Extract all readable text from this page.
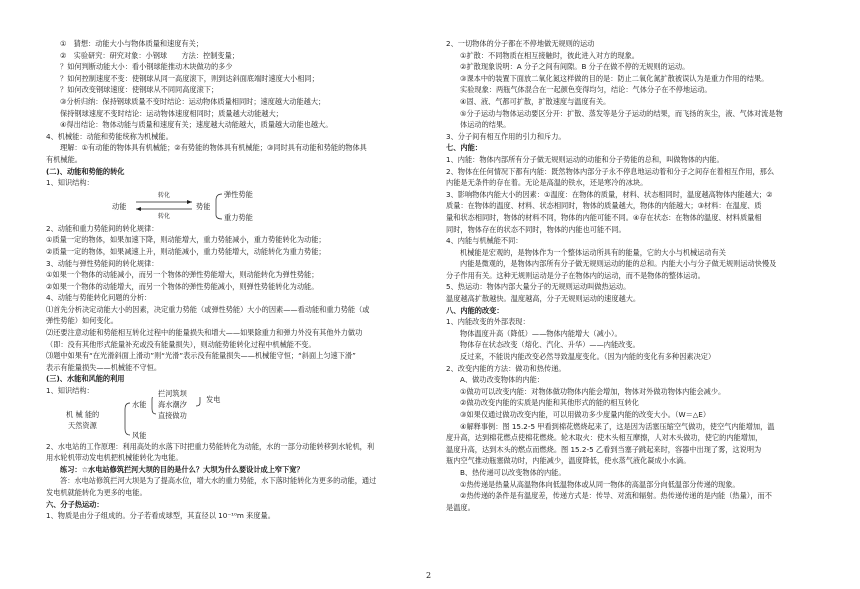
①　猜想：动能大小与物体质量和速度有关；
②　实验研究：研究对象：小钢球　　方法：控制变量；
？如何判断动能大小：看小钢球能推动木块做功的多少
？如何控制速度不变：使钢球从同一高度滚下，则到达斜面底端时速度大小相同；
？如何改变钢球速度：使钢球从不同同高度滚下；
③分析归纳：保持钢球质量不变时结论：运动物体质量相同时；速度越大动能越大；
保持钢球速度不变时结论：运动物体速度相同时；质量越大动能越大；
④得出结论：物体动能与质量和速度有关；速度越大动能越大，质量越大动能也越大。
4、机械能：动能和势能统称为机械能。
理解：①有动能的物体具有机械能；②有势能的物体具有机械能；③同时具有动能和势能的物体具
有机械能。
(二)、动能和势能的转化
1、知识结构：
动能
转化
转化
势能
弹性势能
重力势能
2、动能和重力势能间的转化规律：
①质量一定的物体，如果加速下降，则动能增大，重力势能减小，重力势能转化为动能；
②质量一定的物体，如果减速上升，则动能减小，重力势能增大，动能转化为重力势能；
3、动能与弹性势能间的转化规律：
①如果一个物体的动能减小，而另一个物体的弹性势能增大，则动能转化为弹性势能；
②如果一个物体的动能增大，而另一个物体的弹性势能减小，则弹性势能转化为动能。
4、动能与势能转化问题的分析：
⑴首先分析决定动能大小的因素，决定重力势能（或弹性势能）大小的因素——看动能和重力势能（或
弹性势能）如何变化。
⑵还要注意动能和势能相互转化过程中的能量损失和增大——如果除重力和弹力外没有其他外力做功
（即：没有其他形式能量补充或没有能量损失），则动能势能转化过程中机械能不变。
⑶题中如果有“在光滑斜面上滑动”则“光滑”表示没有能量损失——机械能守恒；“斜面上匀速下滑”
表示有能量损失——机械能不守恒。
(三)、水能和风能的利用
1、知识结构：
机 械 能 的
天然资源
水能
风能
拦河筑坝
海水潮汐
直接做功
发电
2、水电站的工作原理：利用高处的水落下时把重力势能转化为动能，水的一部分动能转移到水轮机，利
用水轮机带动发电机把机械能转化为电能。
练习：☆水电站修筑拦河大坝的目的是什么？大坝为什么要设计成上窄下宽？
答：水电站修筑拦河大坝是为了提高水位，增大水的重力势能，水下落时能转化为更多的动能，通过
发电机就能转化为更多的电能。
六、分子热运动：
1、物质是由分子组成的。分子若看成球型，其直径以 10⁻¹⁰m 来度量。
2、一切物体的分子都在不停地做无规则的运动
①扩散：不同物质在相互接触时，彼此进入对方的现象。
②扩散现象说明：A 分子之间有间隙。B 分子在做不停的无规则的运动。
③课本中的装置下面放二氧化氮这样做的目的是：防止二氧化氮扩散被误认为是重力作用的结果。
实验现象：两瓶气体混合在一起颜色变得均匀，结论：气体分子在不停地运动。
④固、液、气都可扩散，扩散速度与温度有关。
⑤分子运动与物体运动要区分开：扩散、蒸发等是分子运动的结果，而飞扬的灰尘，液、气体对流是物
体运动的结果。
3、分子间有相互作用的引力和斥力。
七、内能：
1、内能：物体内部所有分子做无规则运动的动能和分子势能的总和，叫做物体的内能。
2、物体在任何情况下都有内能：既然物体内部分子永不停息地运动着和分子之间存在着相互作用，那么
内能是无条件的存在着。无论是高温的铁水，还是寒冷的冰块。
3、影响物体内能大小的因素：①温度：在物体的质量，材料、状态相同时，温度越高物体内能越大；②
质量：在物体的温度、材料、状态相同时，物体的质量越大，物体的内能越大；③材料：在温度、质
量和状态相同时，物体的材料不同，物体的内能可能不同。④存在状态：在物体的温度、材料质量相
同时，物体存在的状态不同时，物体的内能也可能不同。
4、内能与机械能不同：
机械能是宏观的，是物体作为一个整体运动所具有的能量，它的大小与机械运动有关
内能是微观的，是物体内部所有分子做无规则运动的能的总和。内能大小与分子做无规则运动快慢及
分子作用有关。这种无规则运动是分子在物体内的运动，而不是物体的整体运动。
5、热运动：物体内部大量分子的无规则运动叫做热运动。
温度越高扩散越快。温度越高，分子无规则运动的速度越大。
八、内能的改变：
1、内能改变的外部表现：
物体温度升高（降低）——物体内能增大（减小）。
物体存在状态改变（熔化、汽化、升华）——内能改变。
反过来，不能说内能改变必然导致温度变化。（因为内能的变化有多种因素决定）
2、改变内能的方法：做功和热传递。
A、做功改变物体的内能：
①做功可以改变内能：对物体做功物体内能会增加，物体对外做功物体内能会减少。
②做功改变内能的实质是内能和其他形式的能的相互转化
③如果仅通过做功改变内能，可以用做功多少度量内能的改变大小。（W＝△E）
④解释事例：图 15.2-5 甲看到棉花燃烧起来了，这是因为活塞压缩空气做功，使空气内能增加，温
度升高，达到棉花燃点使棉花燃烧。轮木取火：使木头相互摩擦，人对木头做功，使它的内能增加，
温度升高，达到木头的燃点而燃烧。图 15.2-5 乙看到当塞子跳起来时，容器中出现了雾，这说明为
瓶内空气推动瓶塞做功时，内能减少，温度降低，使水蒸气液化凝成小水滴。
B、热传递可以改变物体的内能。
①热传递是热量从高温物体向低温物体或从同一物体的高温部分向低温部分传递的现象。
②热传递的条件是有温度差，传递方式是：传导、对流和辐射。热传递传递的是内能（热量），而不
是温度。
2
